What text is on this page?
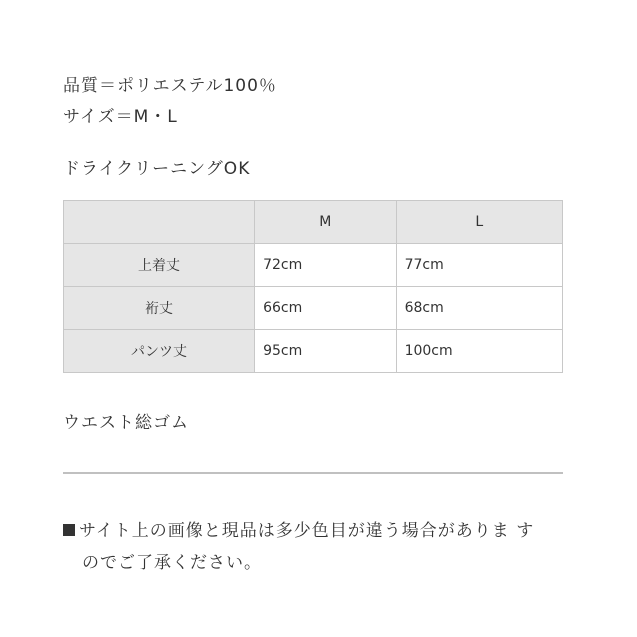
品質＝ポリエステル100％
サイズ＝M・L
ドライクリーニングOK
	M	L
上着丈	72cm	77cm
裄丈	66cm	68cm
パンツ丈	95cm	100cm
ウエスト総ゴム
サイト上の画像と現品は多少色目が違う場合がありま す
のでご了承ください。
